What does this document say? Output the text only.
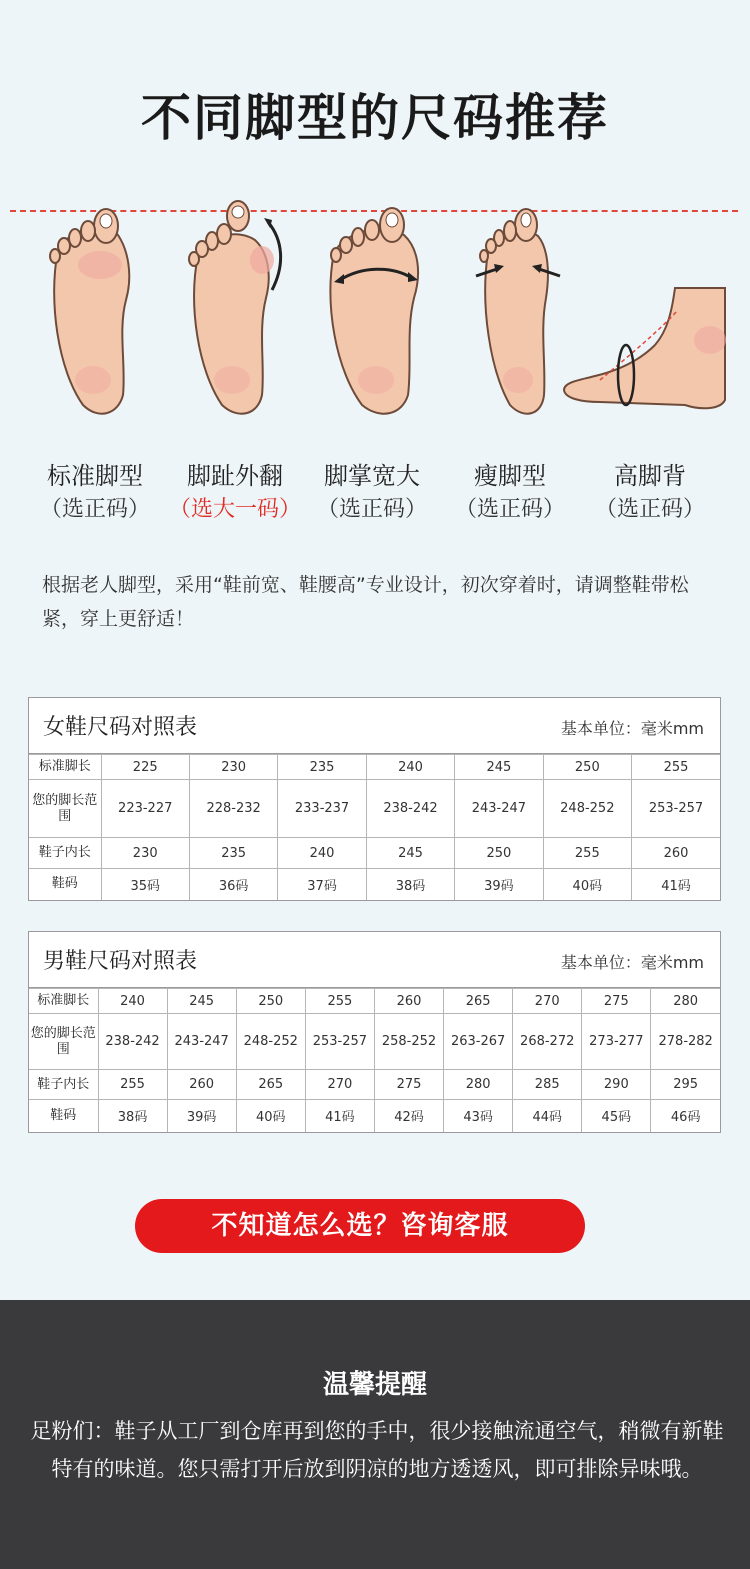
不同脚型的尺码推荐
标准脚型
（选正码）
脚趾外翻
（选大一码）
脚掌宽大
（选正码）
瘦脚型
（选正码）
高脚背
（选正码）
根据老人脚型，采用“鞋前宽、鞋腰高”专业设计，初次穿着时，请调整鞋带松紧，穿上更舒适！
女鞋尺码对照表	基本单位：毫米mm
标准脚长	225	230	235	240	245	250	255
您的脚长范围	223-227	228-232	233-237	238-242	243-247	248-252	253-257
鞋子内长	230	235	240	245	250	255	260
鞋码	35码	36码	37码	38码	39码	40码	41码
男鞋尺码对照表	基本单位：毫米mm
标准脚长	240	245	250	255	260	265	270	275	280
您的脚长范围	238-242	243-247	248-252	253-257	258-252	263-267	268-272	273-277	278-282
鞋子内长	255	260	265	270	275	280	285	290	295
鞋码	38码	39码	40码	41码	42码	43码	44码	45码	46码
不知道怎么选？咨询客服
温馨提醒
足粉们：鞋子从工厂到仓库再到您的手中，很少接触流通空气，稍微有新鞋特有的味道。您只需打开后放到阴凉的地方透透风，即可排除异味哦。
